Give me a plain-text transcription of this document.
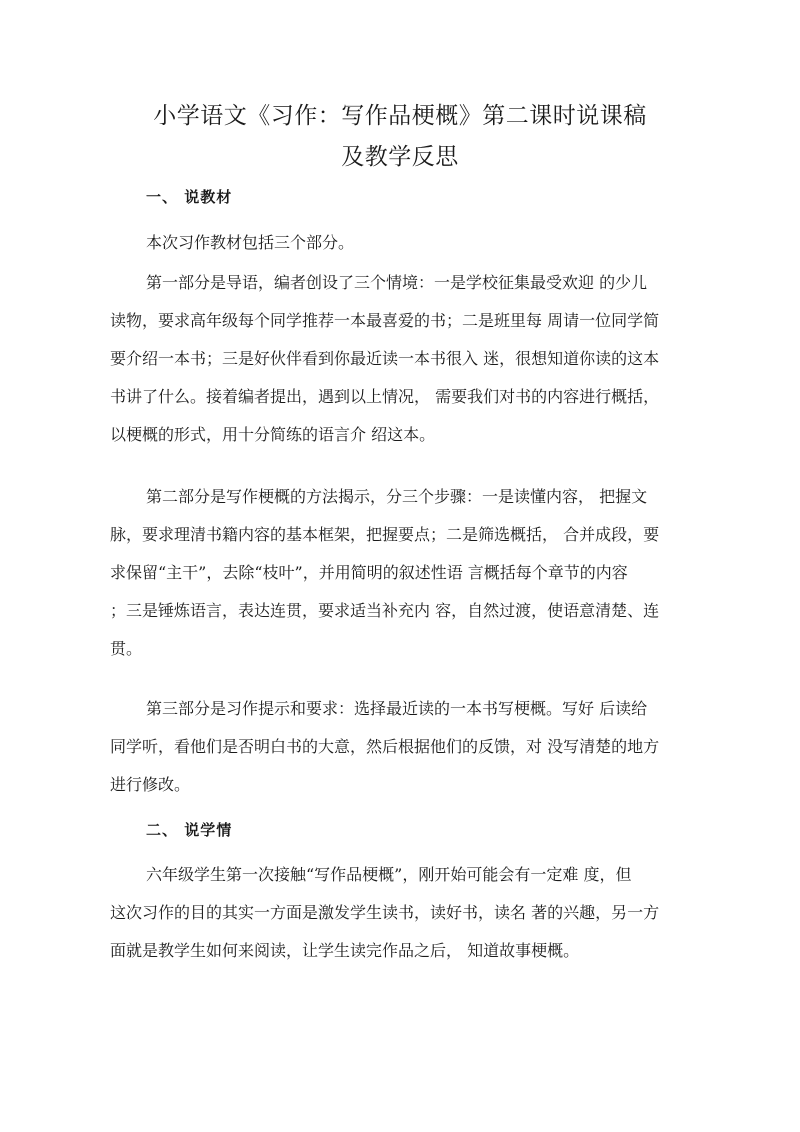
小学语文《习作：写作品梗概》第二课时说课稿
及教学反思
一、 说教材
本次习作教材包括三个部分。
第一部分是导语，编者创设了三个情境：一是学校征集最受欢迎 的少儿
读物，要求高年级每个同学推荐一本最喜爱的书；二是班里每 周请一位同学简
要介绍一本书；三是好伙伴看到你最近读一本书很入 迷，很想知道你读的这本
书讲了什么。接着编者提出，遇到以上情况， 需要我们对书的内容进行概括，
以梗概的形式，用十分简练的语言介 绍这本。
第二部分是写作梗概的方法揭示，分三个步骤：一是读懂内容， 把握文
脉，要求理清书籍内容的基本框架，把握要点；二是筛选概括， 合并成段，要
求保留“主干”，去除“枝叶”，并用简明的叙述性语 言概括每个章节的内容
；三是锤炼语言，表达连贯，要求适当补充内 容，自然过渡，使语意清楚、连
贯。
第三部分是习作提示和要求：选择最近读的一本书写梗概。写好 后读给
同学听，看他们是否明白书的大意，然后根据他们的反馈，对 没写清楚的地方
进行修改。
二、 说学情
六年级学生第一次接触“写作品梗概”，刚开始可能会有一定难 度，但
这次习作的目的其实一方面是激发学生读书，读好书，读名 著的兴趣，另一方
面就是教学生如何来阅读，让学生读完作品之后， 知道故事梗概。
